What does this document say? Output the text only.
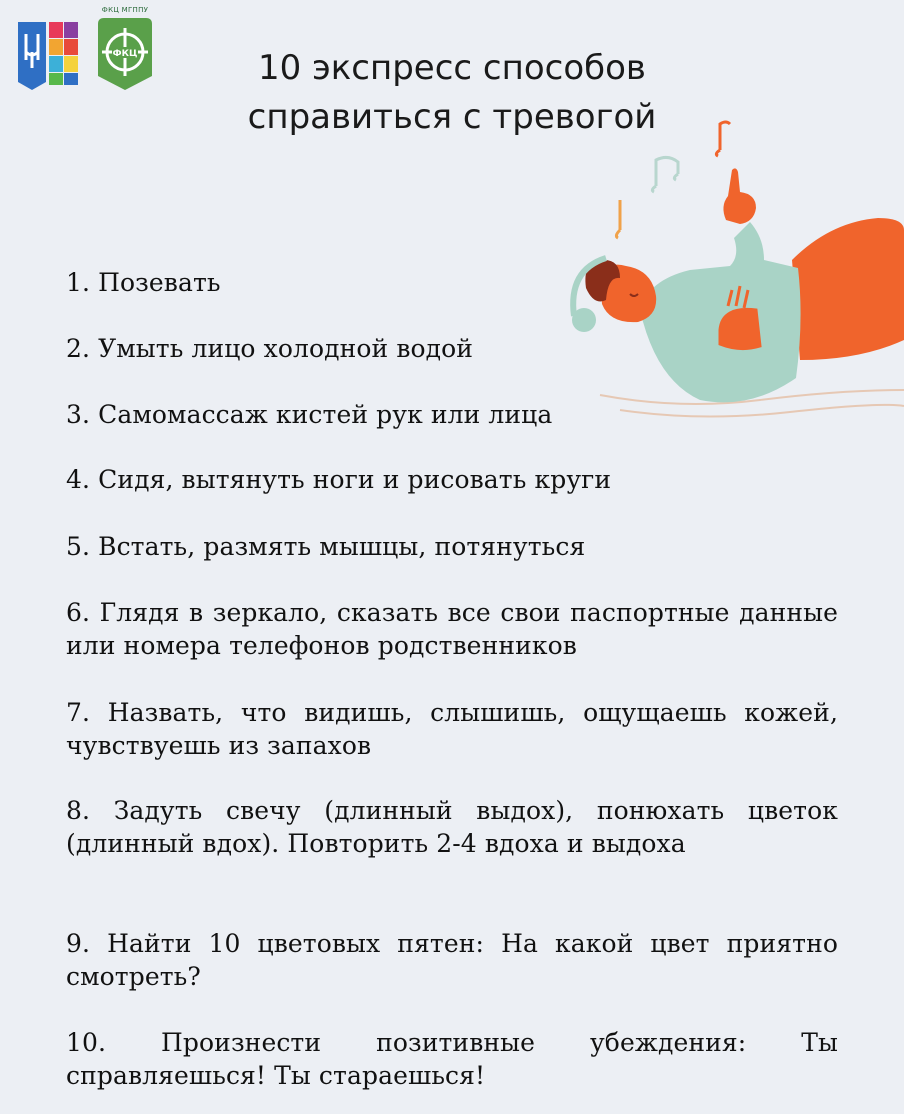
ФКЦ МГППУ
ФКЦ	10 экспресс способов
справиться с тревогой
1. Позевать
2. Умыть лицо холодной водой
3. Самомассаж кистей рук или лица
4. Сидя, вытянуть ноги и рисовать круги
5. Встать, размять мышцы, потянуться
6. Глядя в зеркало, сказать все свои паспортные данные или номера телефонов родственников
7. Назвать, что видишь, слышишь, ощущаешь кожей, чувствуешь из запахов
8. Задуть свечу (длинный выдох), понюхать цветок (длинный вдох). Повторить 2-4 вдоха и выдоха
9. Найти 10 цветовых пятен: На какой цвет приятно смотреть?
10. Произнести позитивные убеждения: Ты справляешься! Ты стараешься!
